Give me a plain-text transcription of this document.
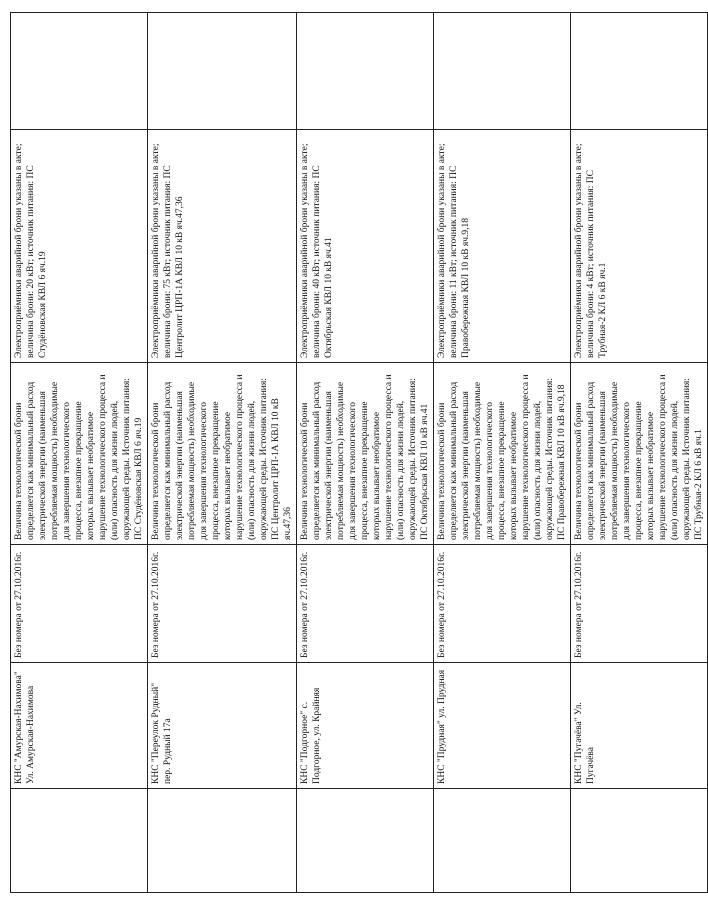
	КНС "Амурская-Нахимова" Ул. Амурская-Нахимова	Без номера от 27.10.2016г.	Величина технологической брони определяется как минимальный расход электрической энергии (наименьшая потребляемая мощность) необходимые для завершения технологического процесса, внезапное прекращение которых вызывает необратимое нарушение технологического процесса и (или) опасность для жизни людей, окружающей среды. Источник питания: ПС Студёновская КВЛ 6 яч.19	Электроприёмники аварийной брони указаны в акте; величина брони: 20 кВт; источник питания: ПС Студёновская КВЛ 6 яч.19	
	КНС "Переулок Рудный" пер. Рудный 17а	Без номера от 27.10.2016г.	Величина технологической брони определяется как минимальный расход электрической энергии (наименьшая потребляемая мощность) необходимые для завершения технологического процесса, внезапное прекращение которых вызывает необратимое нарушение технологического процесса и (или) опасность для жизни людей, окружающей среды. Источник питания: ПС Центролит ЦРП-1А КВЛ 10 кВ яч.47,36	Электроприёмники аварийной брони указаны в акте; величина брони: 75 кВт; источник питания: ПС Центролит ЦРП-1А КВЛ 10 кВ яч.47,36	
	КНС "Подгорное" с. Подгорное, ул. Крайняя	Без номера от 27.10.2016г.	Величина технологической брони определяется как минимальный расход электрической энергии (наименьшая потребляемая мощность) необходимые для завершения технологического процесса, внезапное прекращение которых вызывает необратимое нарушение технологического процесса и (или) опасность для жизни людей, окружающей среды. Источник питания: ПС Октябрьская КВЛ 10 кВ яч.41	Электроприёмники аварийной брони указаны в акте; величина брони: 40 кВт; источник питания: ПС Октябрьская КВЛ 10 кВ яч.41	
	КНС "Прудная" ул. Прудная	Без номера от 27.10.2016г.	Величина технологической брони определяется как минимальный расход электрической энергии (наименьшая потребляемая мощность) необходимые для завершения технологического процесса, внезапное прекращение которых вызывает необратимое нарушение технологического процесса и (или) опасность для жизни людей, окружающей среды. Источник питания: ПС Правобережная КВЛ 10 кВ яч.9,18	Электроприёмники аварийной брони указаны в акте; величина брони: 11 кВт; источник питания: ПС Правобережная КВЛ 10 кВ яч.9,18	
	КНС "Пугачёва" Ул. Пугачёва	Без номера от 27.10.2016г.	Величина технологической брони определяется как минимальный расход электрической энергии (наименьшая потребляемая мощность) необходимые для завершения технологического процесса, внезапное прекращение которых вызывает необратимое нарушение технологического процесса и (или) опасность для жизни людей, окружающей среды. Источник питания: ПС Трубная-2 КЛ 6 кВ яч.1	Электроприёмники аварийной брони указаны в акте; величина брони: 4 кВт; источник питания: ПС Трубная-2 КЛ 6 кВ яч.1	
